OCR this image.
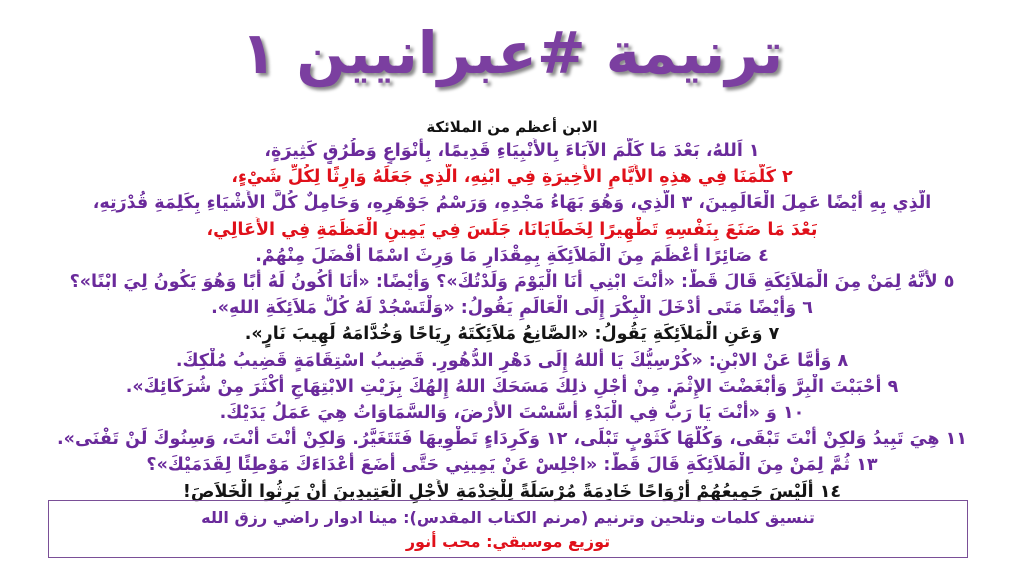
ترنيمة #عبرانيين ١
الابن أعظم من الملائكة
١ اَللهُ، بَعْدَ مَا كَلَّمَ الآبَاءَ بِالأَنْبِيَاءِ قَدِيمًا، بِأَنْوَاعٍ وَطُرُقٍ كَثِيرَةٍ،
٢ كَلَّمَنَا فِي هذِهِ الأَيَّامِ الأَخِيرَةِ فِي ابْنِهِ، الَّذِي جَعَلَهُ وَارِثًا لِكُلِّ شَيْءٍ،
الَّذِي بِهِ أَيْضًا عَمِلَ الْعَالَمِينَ، ٣ الَّذِي، وَهُوَ بَهَاءُ مَجْدِهِ، وَرَسْمُ جَوْهَرِهِ، وَحَامِلٌ كُلَّ الأَشْيَاءِ بِكَلِمَةِ قُدْرَتِهِ،
بَعْدَ مَا صَنَعَ بِنَفْسِهِ تَطْهِيرًا لِخَطَايَانَا، جَلَسَ فِي يَمِينِ الْعَظَمَةِ فِي الأَعَالِي،
٤ صَائِرًا أَعْظَمَ مِنَ الْمَلاَئِكَةِ بِمِقْدَارِ مَا وَرِثَ اسْمًا أَفْضَلَ مِنْهُمْ.
٥ لأَنَّهُ لِمَنْ مِنَ الْمَلاَئِكَةِ قَالَ قَطُّ: «أَنْتَ ابْنِي أَنَا الْيَوْمَ وَلَدْتُكَ»؟ وَأَيْضًا: «أَنَا أَكُونُ لَهُ أَبًا وَهُوَ يَكُونُ لِيَ ابْنًا»؟
٦ وَأَيْضًا مَتَى أَدْخَلَ الْبِكْرَ إِلَى الْعَالَمِ يَقُولُ: «وَلْتَسْجُدْ لَهُ كُلُّ مَلاَئِكَةِ اللهِ».
٧ وَعَنِ الْمَلاَئِكَةِ يَقُولُ: «الصَّانِعُ مَلاَئِكَتَهُ رِيَاحًا وَخُدَّامَهُ لَهِيبَ نَارٍ».
٨ وَأَمَّا عَنْ الابْنِ: «كُرْسِيُّكَ يَا أَللهُ إِلَى دَهْرِ الدُّهُورِ. قَضِيبُ اسْتِقَامَةٍ قَضِيبُ مُلْكِكَ.
٩ أَحْبَبْتَ الْبِرَّ وَأَبْغَضْتَ الإِثْمَ. مِنْ أَجْلِ ذلِكَ مَسَحَكَ اللهُ إِلهُكَ بِزَيْتِ الابْتِهَاجِ أَكْثَرَ مِنْ شُرَكَائِكَ».
١٠ وَ «أَنْتَ يَا رَبُّ فِي الْبَدْءِ أَسَّسْتَ الأَرْضَ، وَالسَّمَاوَاتُ هِيَ عَمَلُ يَدَيْكَ.
١١ هِيَ تَبِيدُ وَلكِنْ أَنْتَ تَبْقَى، وَكُلُّهَا كَثَوْبٍ تَبْلَى، ١٢ وَكَرِدَاءٍ تَطْوِيهَا فَتَتَغَيَّرُ. وَلكِنْ أَنْتَ أَنْتَ، وَسِنُوكَ لَنْ تَفْنَى».
١٣ ثُمَّ لِمَنْ مِنَ الْمَلاَئِكَةِ قَالَ قَطُّ: «اجْلِسْ عَنْ يَمِينِي حَتَّى أَضَعَ أَعْدَاءَكَ مَوْطِئًا لِقَدَمَيْكَ»؟
١٤ أَلَيْسَ جَمِيعُهُمْ أَرْوَاحًا خَادِمَةً مُرْسَلَةً لِلْخِدْمَةِ لأَجْلِ الْعَتِيدِينَ أَنْ يَرِثُوا الْخَلاَصَ!
تنسيق كلمات وتلحين وترنيم (مرنم الكتاب المقدس): مينا ادوار راضي رزق الله
توزيع موسيقي: محب أنور
